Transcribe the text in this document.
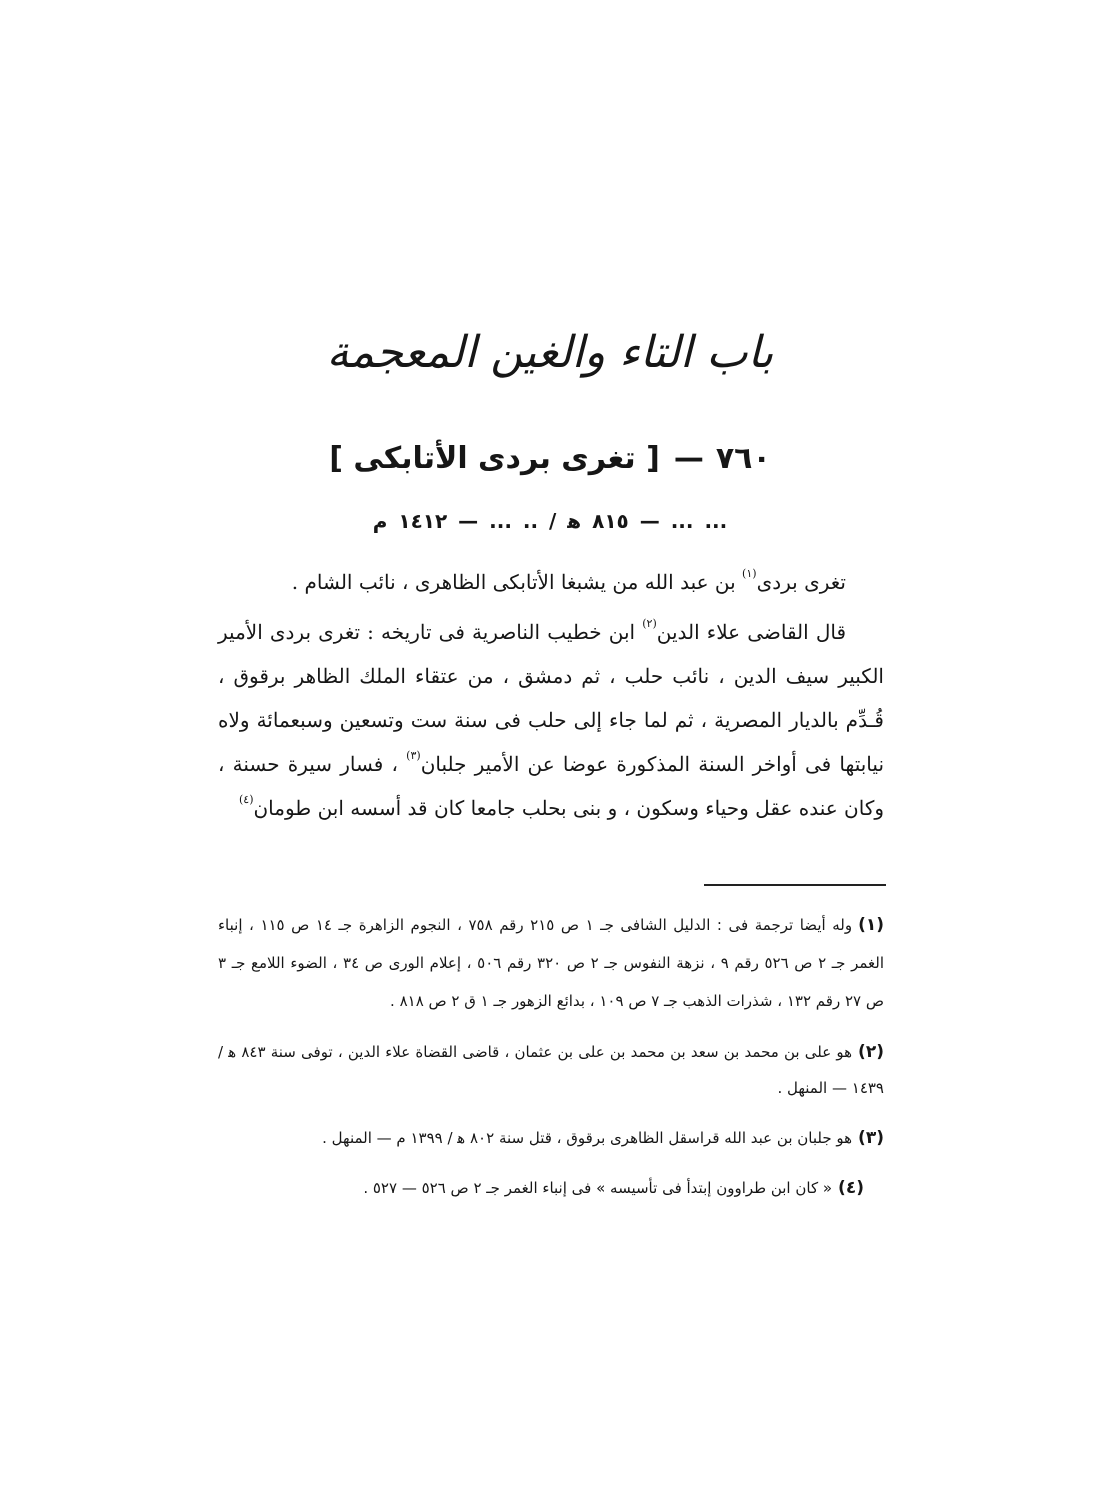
باب التاء والغين المعجمة
٧٦٠—[ تغرى بردى الأتابكى ]
... ... — ٨١٥ ﻫ / .. ... — ١٤١٢ م

تغرى بردى$^{(١)}$ بن عبد الله من يشبغا الأتابكى الظاهرى ، نائب الشام .

قال القاضى علاء الدين$^{(٢)}$ ابن خطيب الناصرية فى تاريخه : تغرى بردى الأمير الكبير سيف الدين ، نائب حلب ، ثم دمشق ، من عتقاء الملك الظاهر برقوق ، قُـدِّم بالديار المصرية ، ثم لما جاء إلى حلب فى سنة ست وتسعين وسبعمائة ولاه نيابتها فى أواخر السنة المذكورة عوضا عن الأمير جلبان$^{(٣)}$ ، فسار سيرة حسنة ، وكان عنده عقل وحياء وسكون ، و بنى بحلب جامعا كان قد أسسه ابن طومان$^{(٤)}$

(١)وله أيضا ترجمة فى : الدليل الشافى جـ ١ ص ٢١٥ رقم ٧٥٨ ، النجوم الزاهرة جـ ١٤ ص ١١٥ ، إنباء الغمر جـ ٢ ص ٥٢٦ رقم ٩ ، نزهة النفوس جـ ٢ ص ٣٢٠ رقم ٥٠٦ ، إعلام الورى ص ٣٤ ، الضوء اللامع جـ ٣ ص ٢٧ رقم ١٣٢ ، شذرات الذهب جـ ٧ ص ١٠٩ ، بدائع الزهور جـ ١ ق ٢ ص ٨١٨ .

(٢)هو على بن محمد بن سعد بن محمد بن على بن عثمان ، قاضى القضاة علاء الدين ، توفى سنة ٨٤٣ ﻫ / ١٤٣٩ — المنهل .

(٣)هو جلبان بن عبد الله قراسقل الظاهرى برقوق ، قتل سنة ٨٠٢ ﻫ / ١٣٩٩ م — المنهل .

(٤)« كان ابن طراوون إبتدأ فى تأسيسه » فى إنباء الغمر جـ ٢ ص ٥٢٦ — ٥٢٧ .
